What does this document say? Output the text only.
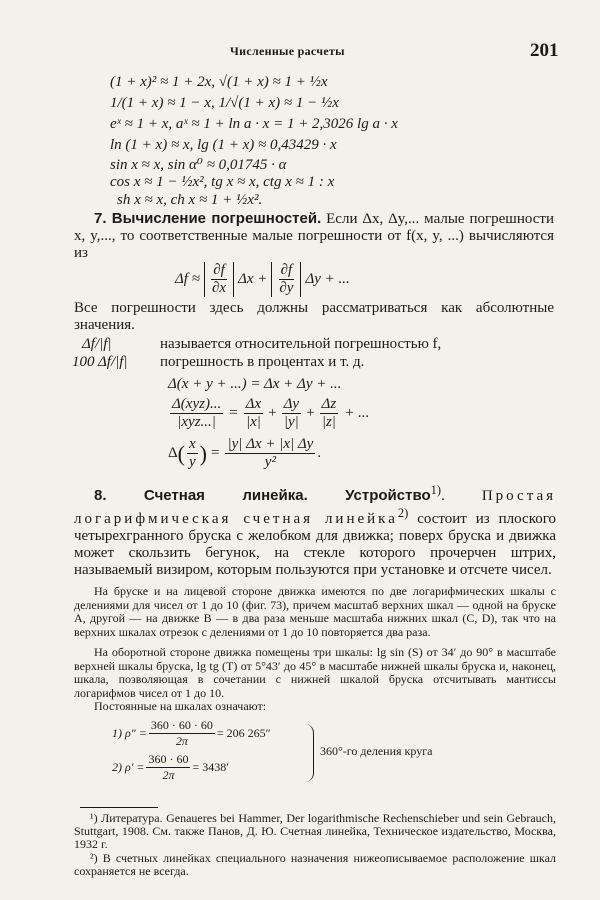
Численные расчеты	201
(1 + x)² ≈ 1 + 2x, √(1 + x) ≈ 1 + ½x
1/(1 + x) ≈ 1 − x, 1/√(1 + x) ≈ 1 − ½x
eˣ ≈ 1 + x, aˣ ≈ 1 + ln a · x = 1 + 2,3026 lg a · x
ln (1 + x) ≈ x, lg (1 + x) ≈ 0,43429 · x
sin x ≈ x, sin α⁰ ≈ 0,01745 · α
cos x ≈ 1 − ½x², tg x ≈ x, ctg x ≈ 1 : x
sh x ≈ x, ch x ≈ 1 + ½x².
7. Вычисление погрешностей. Если Δx, Δy,... малые погрешности x, y,..., то соответственные малые погрешности от f(x, y, ...) вычисляются из
Δf ≈
∂f
∂x
Δx +
∂f
∂y
Δy + ...
Все погрешности здесь должны рассматриваться как абсолютные значения.
Δf/|f|	называется относительной погрешностью f,
100 Δf/|f| погрешность в процентах и т. д.
Δ(x + y + ...) = Δx + Δy + ...
Δ(xyz)...
|xyz...|
= $\frac{\Delta x}{|x|} + \frac{\Delta y}{|y|} + \frac{\Delta z}{|z|}$ + ...
Δ ( x
y ) = $\frac{|y| \Delta x + |x| \Delta y}{\text{y²}}$ .
8. Счетная линейка. Устройство$^{1)}$. Простая логарифмическая счетная линейка$^{2)}$ состоит из плоского четырехгранного бруска с желобком для движка; поверх бруска и движка может скользить бегунок, на стекле которого прочерчен штрих, называемый визиром, которым пользуются при установке и отсчете чисел.
На бруске и на лицевой стороне движка имеются по две логарифмических шкалы с делениями для чисел от 1 до 10 (фиг. 73), причем масштаб верхних шкал — одной на бруске A, другой — на движке B — в два раза меньше масштаба нижних шкал (C, D), так что на верхних шкалах отрезок с делениями от 1 до 10 повторяется два раза.
На оборотной стороне движка помещены три шкалы: lg sin (S) от 34′ до 90° в масштабе верхней шкалы бруска, lg tg (T) от 5°43′ до 45° в масштабе нижней шкалы бруска и, наконец, шкала, позволяющая в сочетании с нижней шкалой бруска отсчитывать мантиссы логарифмов чисел от 1 до 10.
Постоянные на шкалах означают:
1) $\rho'' = \frac{360 \cdot 60 \cdot 60}{2\pi} = 206$ 265″
2) $\rho' = \frac{360 \cdot 60}{2\pi} = 3438'$
360°-го деления круга
¹) Литература. Genaueres bei Hammer, Der logarithmische Rechenschieber und sein Gebrauch, Stuttgart, 1908. См. также Панов, Д. Ю. Счетная линейка, Техническое издательство, Москва, 1932 г.
²) В счетных линейках специального назначения нижеописываемое расположение шкал сохраняется не всегда.
